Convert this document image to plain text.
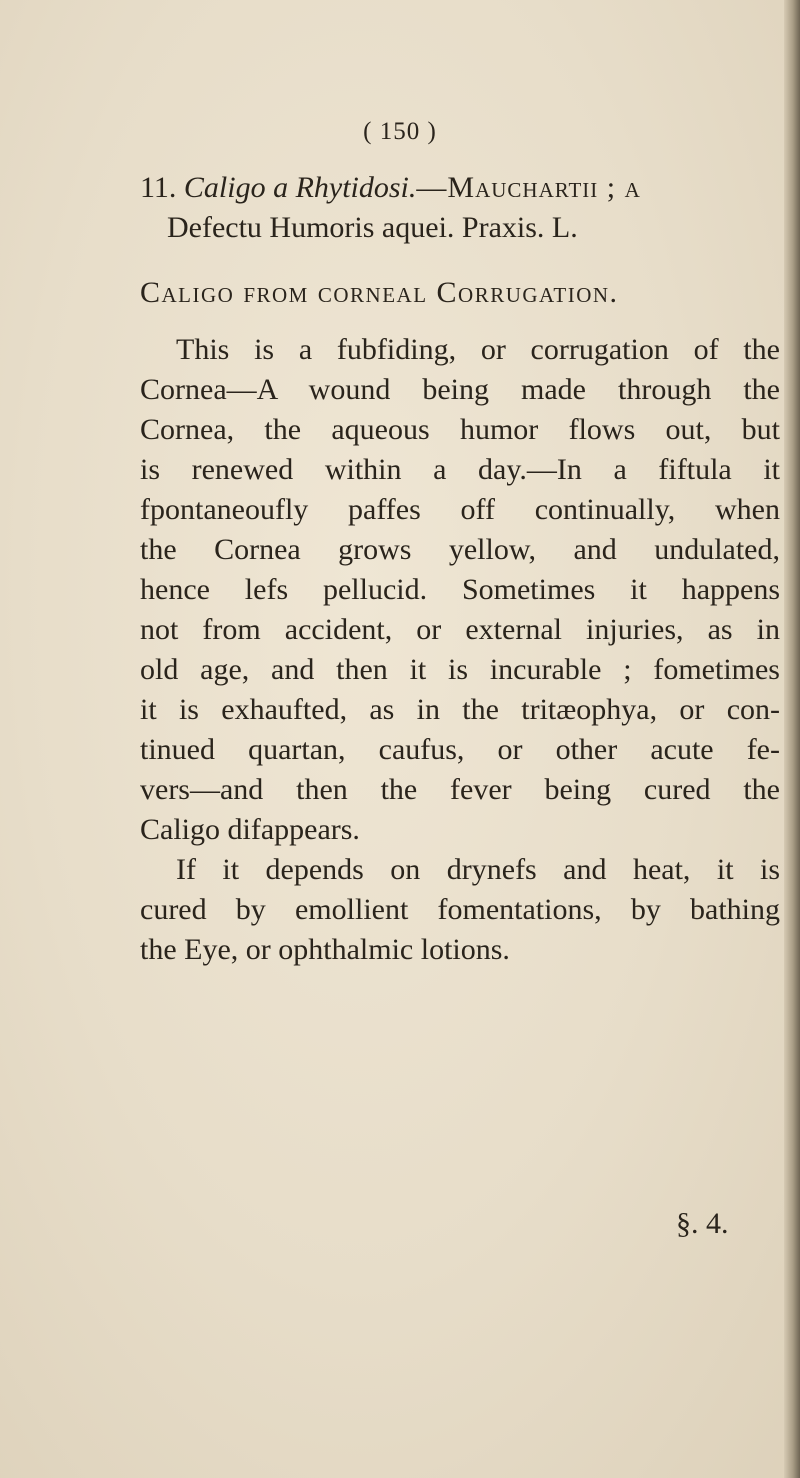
( 150 )
11. Caligo a Rhytidosi.—Mauchartii ; a
Defectu Humoris aquei. Praxis. L.
Caligo from corneal Corrugation.
This is a fubfiding, or corrugation of the
Cornea—A wound being made through the
Cornea, the aqueous humor flows out, but
is renewed within a day.—In a fiftula it
fpontaneoufly paffes off continually, when
the Cornea grows yellow, and undulated,
hence lefs pellucid. Sometimes it happens
not from accident, or external injuries, as in
old age, and then it is incurable ; fometimes
it is exhaufted, as in the tritæophya, or con-
tinued quartan, caufus, or other acute fe-
vers—and then the fever being cured the
Caligo difappears.
If it depends on drynefs and heat, it is
cured by emollient fomentations, by bathing
the Eye, or ophthalmic lotions.
§. 4.
